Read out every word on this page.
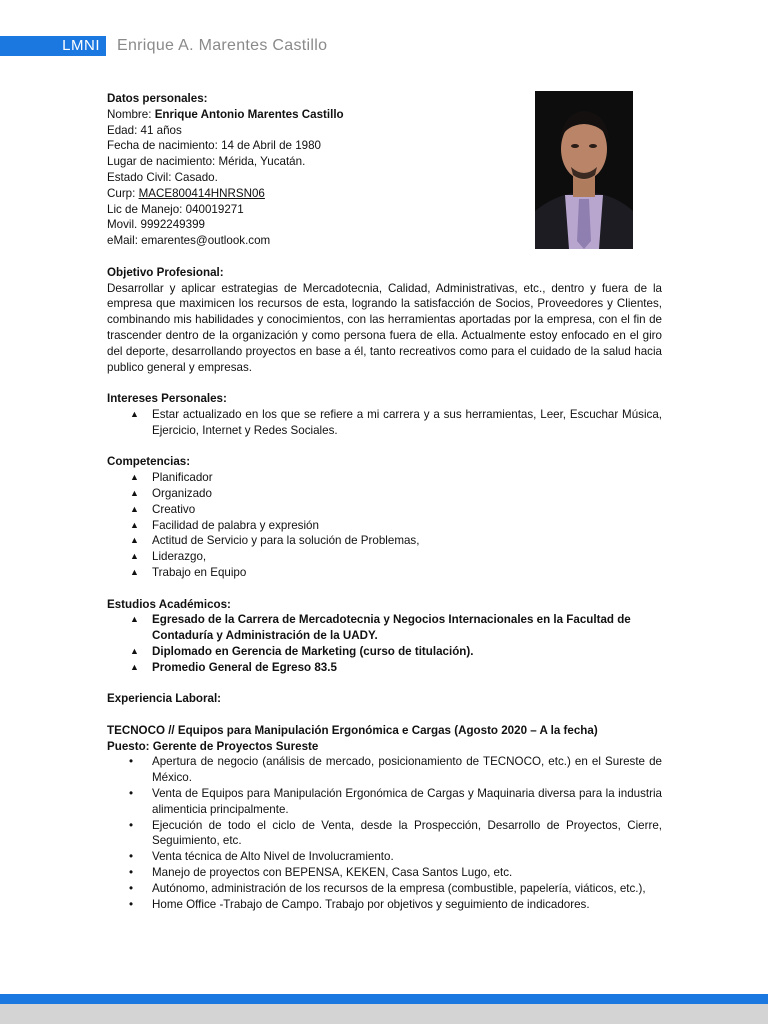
LMNI	Enrique A. Marentes Castillo
Datos personales:
Nombre: Enrique Antonio Marentes Castillo
Edad: 41 años
Fecha de nacimiento: 14 de Abril de 1980
Lugar de nacimiento: Mérida, Yucatán.
Estado Civil: Casado.
Curp: MACE800414HNRSN06
Lic de Manejo: 040019271
Movil. 9992249399
eMail: emarentes@outlook.com
Objetivo Profesional:
Desarrollar y aplicar estrategias de Mercadotecnia, Calidad, Administrativas, etc., dentro y fuera de la empresa que maximicen los recursos de esta, logrando la satisfacción de Socios, Proveedores y Clientes, combinando mis habilidades y conocimientos, con las herramientas aportadas por la empresa, con el fin de trascender dentro de la organización y como persona fuera de ella. Actualmente estoy enfocado en el giro del deporte, desarrollando proyectos en base a él, tanto recreativos como para el cuidado de la salud hacia publico general y empresas.
Intereses Personales:
▲ Estar actualizado en los que se refiere a mi carrera y a sus herramientas, Leer, Escuchar Música, Ejercicio, Internet y Redes Sociales.
Competencias:
▲ Planificador
▲ Organizado
▲ Creativo
▲ Facilidad de palabra y expresión
▲ Actitud de Servicio y para la solución de Problemas,
▲ Liderazgo,
▲ Trabajo en Equipo
Estudios Académicos:
▲ Egresado de la Carrera de Mercadotecnia y Negocios Internacionales en la Facultad de Contaduría y Administración de la UADY.
▲ Diplomado en Gerencia de Marketing (curso de titulación).
▲ Promedio General de Egreso 83.5
Experiencia Laboral:
TECNOCO // Equipos para Manipulación Ergonómica e Cargas (Agosto 2020 – A la fecha)
Puesto: Gerente de Proyectos Sureste
• Apertura de negocio (análisis de mercado, posicionamiento de TECNOCO, etc.) en el Sureste de México.
• Venta de Equipos para Manipulación Ergonómica de Cargas y Maquinaria diversa para la industria alimenticia principalmente.
• Ejecución de todo el ciclo de Venta, desde la Prospección, Desarrollo de Proyectos, Cierre, Seguimiento, etc.
• Venta técnica de Alto Nivel de Involucramiento.
• Manejo de proyectos con BEPENSA, KEKEN, Casa Santos Lugo, etc.
• Autónomo, administración de los recursos de la empresa (combustible, papelería, viáticos, etc.),
• Home Office -Trabajo de Campo. Trabajo por objetivos y seguimiento de indicadores.
